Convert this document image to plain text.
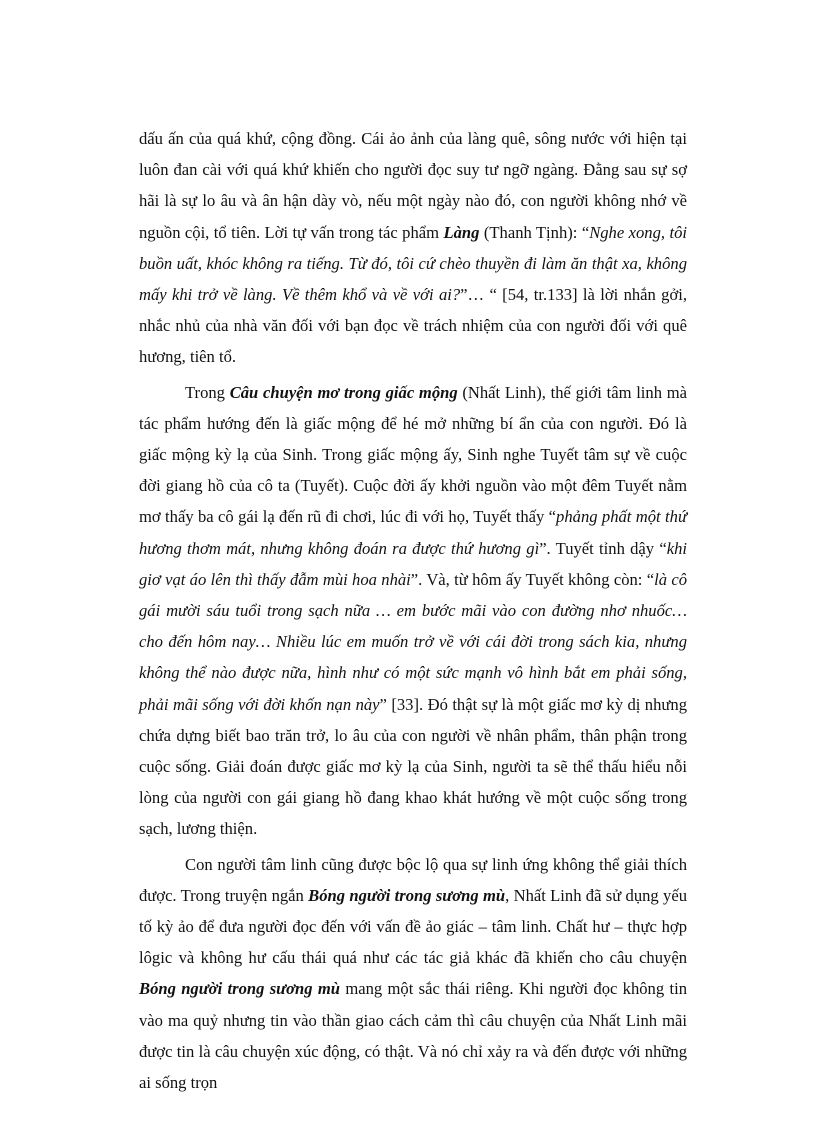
dấu ấn của quá khứ, cộng đồng. Cái ảo ảnh của làng quê, sông nước với hiện tại luôn đan cài với quá khứ khiến cho người đọc suy tư ngỡ ngàng. Đằng sau sự sợ hãi là sự lo âu và ân hận dày vò, nếu một ngày nào đó, con người không nhớ về nguồn cội, tổ tiên. Lời tự vấn trong tác phẩm Làng (Thanh Tịnh): “Nghe xong, tôi buồn uất, khóc không ra tiếng. Từ đó, tôi cứ chèo thuyền đi làm ăn thật xa, không mấy khi trở về làng. Về thêm khổ và về với ai?”… “ [54, tr.133] là lời nhắn gởi, nhắc nhủ của nhà văn đối với bạn đọc về trách nhiệm của con người đối với quê hương, tiên tổ.

Trong Câu chuyện mơ trong giấc mộng (Nhất Linh), thế giới tâm linh mà tác phẩm hướng đến là giấc mộng để hé mở những bí ẩn của con người. Đó là giấc mộng kỳ lạ của Sinh. Trong giấc mộng ấy, Sinh nghe Tuyết tâm sự về cuộc đời giang hồ của cô ta (Tuyết). Cuộc đời ấy khởi nguồn vào một đêm Tuyết nằm mơ thấy ba cô gái lạ đến rũ đi chơi, lúc đi với họ, Tuyết thấy “phảng phất một thứ hương thơm mát, nhưng không đoán ra được thứ hương gì”. Tuyết tỉnh dậy “khi giơ vạt áo lên thì thấy đẫm mùi hoa nhài”. Và, từ hôm ấy Tuyết không còn: “là cô gái mười sáu tuổi trong sạch nữa … em bước mãi vào con đường nhơ nhuốc… cho đến hôm nay… Nhiều lúc em muốn trở về với cái đời trong sách kia, nhưng không thể nào được nữa, hình như có một sức mạnh vô hình bắt em phải sống, phải mãi sống với đời khốn nạn này” [33]. Đó thật sự là một giấc mơ kỳ dị nhưng chứa dựng biết bao trăn trở, lo âu của con người về nhân phẩm, thân phận trong cuộc sống. Giải đoán được giấc mơ kỳ lạ của Sinh, người ta sẽ thể thấu hiểu nỗi lòng của người con gái giang hồ đang khao khát hướng về một cuộc sống trong sạch, lương thiện.

Con người tâm linh cũng được bộc lộ qua sự linh ứng không thể giải thích được. Trong truyện ngắn Bóng người trong sương mù, Nhất Linh đã sử dụng yếu tố kỳ ảo để đưa người đọc đến với vấn đề ảo giác – tâm linh. Chất hư – thực hợp lôgic và không hư cấu thái quá như các tác giả khác đã khiến cho câu chuyện Bóng người trong sương mù mang một sắc thái riêng. Khi người đọc không tin vào ma quỷ nhưng tin vào thần giao cách cảm thì câu chuyện của Nhất Linh mãi được tin là câu chuyện xúc động, có thật. Và nó chỉ xảy ra và đến được với những ai sống trọn
